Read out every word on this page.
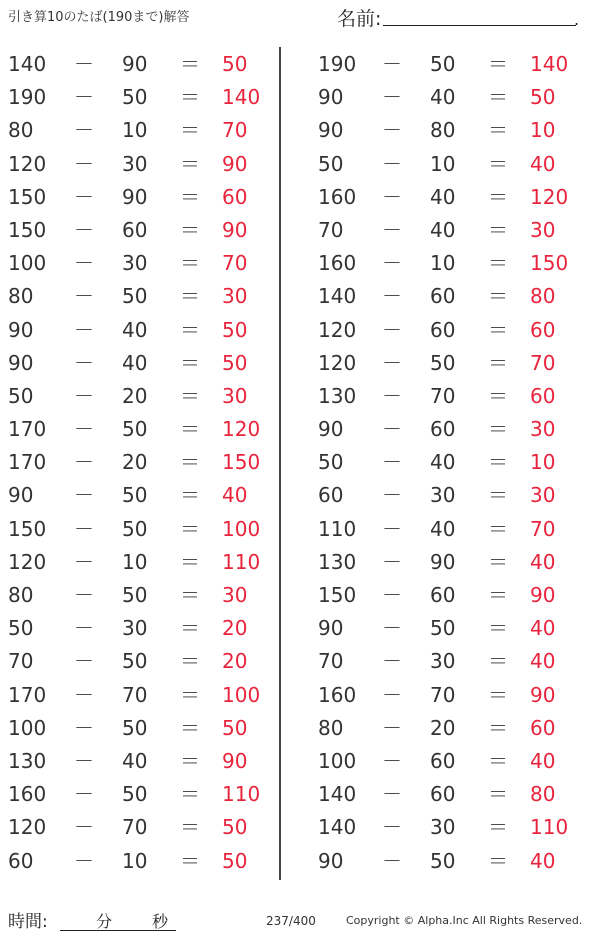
引き算10のたば(190まで)解答	名前:	.
140 － 90 ＝ 50
190 － 50 ＝ 140
80 － 10 ＝ 70
120 － 30 ＝ 90
150 － 90 ＝ 60
150 － 60 ＝ 90
100 － 30 ＝ 70
80 － 50 ＝ 30
90 － 40 ＝ 50
90 － 40 ＝ 50
50 － 20 ＝ 30
170 － 50 ＝ 120
170 － 20 ＝ 150
90 － 50 ＝ 40
150 － 50 ＝ 100
120 － 10 ＝ 110
80 － 50 ＝ 30
50 － 30 ＝ 20
70 － 50 ＝ 20
170 － 70 ＝ 100
100 － 50 ＝ 50
130 － 40 ＝ 90
160 － 50 ＝ 110
120 － 70 ＝ 50
60 － 10 ＝ 50
190 － 50 ＝ 140
90 － 40 ＝ 50
90 － 80 ＝ 10
50 － 10 ＝ 40
160 － 40 ＝ 120
70 － 40 ＝ 30
160 － 10 ＝ 150
140 － 60 ＝ 80
120 － 60 ＝ 60
120 － 50 ＝ 70
130 － 70 ＝ 60
90 － 60 ＝ 30
50 － 40 ＝ 10
60 － 30 ＝ 30
110 － 40 ＝ 70
130 － 90 ＝ 40
150 － 60 ＝ 90
90 － 50 ＝ 40
70 － 30 ＝ 40
160 － 70 ＝ 90
80 － 20 ＝ 60
100 － 60 ＝ 40
140 － 60 ＝ 80
140 － 30 ＝ 110
90 － 50 ＝ 40
時間:	分 秒	237/400	Copyright © Alpha.Inc All Rights Reserved.
